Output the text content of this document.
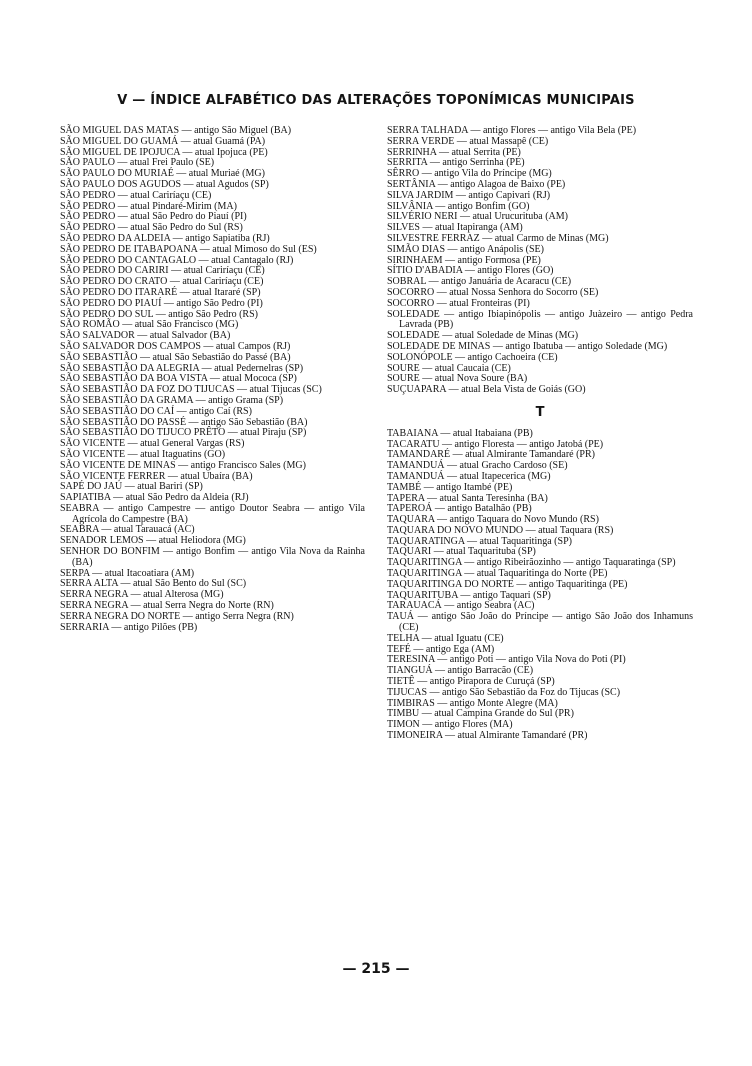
V — ÍNDICE ALFABÉTICO DAS ALTERAÇÕES TOPONÍMICAS MUNICIPAIS

SÃO MIGUEL DAS MATAS — antigo São Miguel (BA)

SÃO MIGUEL DO GUAMÁ — atual Guamá (PA)

SÃO MIGUEL DE IPOJUCA — atual Ipojuca (PE)

SÃO PAULO — atual Frei Paulo (SE)

SÃO PAULO DO MURIAÉ — atual Muriaé (MG)

SÃO PAULO DOS AGUDOS — atual Agudos (SP)

SÃO PEDRO — atual Cariríaçu (CE)

SÃO PEDRO — atual Pindaré-Mirim (MA)

SÃO PEDRO — atual São Pedro do Piauí (PI)

SÃO PEDRO — atual São Pedro do Sul (RS)

SÃO PEDRO DA ALDEIA — antigo Sapiatiba (RJ)

SÃO PEDRO DE ITABAPOANA — atual Mimoso do Sul (ES)

SÃO PEDRO DO CANTAGALO — atual Cantagalo (RJ)

SÃO PEDRO DO CARIRI — atual Cariríaçu (CE)

SÃO PEDRO DO CRATO — atual Cariríaçu (CE)

SÃO PEDRO DO ITARARÉ — atual Itararé (SP)

SÃO PEDRO DO PIAUÍ — antigo São Pedro (PI)

SÃO PEDRO DO SUL — antigo São Pedro (RS)

SÃO ROMÃO — atual São Francisco (MG)

SÃO SALVADOR — atual Salvador (BA)

SÃO SALVADOR DOS CAMPOS — atual Campos (RJ)

SÃO SEBASTIÃO — atual São Sebastião do Passé (BA)

SÃO SEBASTIÃO DA ALEGRIA — atual Pedernelras (SP)

SÃO SEBASTIÃO DA BOA VISTA — atual Mococa (SP)

SÃO SEBASTIÃO DA FOZ DO TIJUCAS — atual Tijucas (SC)

SÃO SEBASTIÃO DA GRAMA — antigo Grama (SP)

SÃO SEBASTIÃO DO CAÍ — antigo Caí (RS)

SÃO SEBASTIÃO DO PASSÉ — antigo São Sebastião (BA)

SÃO SEBASTIÃO DO TIJUCO PRÊTO — atual Piraju (SP)

SÃO VICENTE — atual General Vargas (RS)

SÃO VICENTE — atual Itaguatins (GO)

SÃO VICENTE DE MINAS — antigo Francisco Sales (MG)

SÃO VICENTE FERRER — atual Ubaíra (BA)

SAPÉ DO JAÚ — atual Bariri (SP)

SAPIATIBA — atual São Pedro da Aldeia (RJ)

SEABRA — antigo Campestre — antigo Doutor Seabra — antigo Vila Agrícola do Campestre (BA)

SEABRA — atual Tarauacá (AC)

SENADOR LEMOS — atual Heliodora (MG)

SENHOR DO BONFIM — antigo Bonfim — antigo Vila Nova da Rainha (BA)

SERPA — atual Itacoatiara (AM)

SERRA ALTA — atual São Bento do Sul (SC)

SERRA NEGRA — atual Alterosa (MG)

SERRA NEGRA — atual Serra Negra do Norte (RN)

SERRA NEGRA DO NORTE — antigo Serra Negra (RN)

SERRARIA — antigo Pilões (PB)

SERRA TALHADA — antigo Flores — antigo Vila Bela (PE)

SERRA VERDE — atual Massapê (CE)

SERRINHA — atual Serrita (PE)

SERRITA — antigo Serrinha (PE)

SÊRRO — antigo Vila do Príncipe (MG)

SERTÂNIA — antigo Alagoa de Baixo (PE)

SILVA JARDIM — antigo Capivari (RJ)

SILVÂNIA — antigo Bonfim (GO)

SILVÉRIO NERI — atual Urucurituba (AM)

SILVES — atual Itapiranga (AM)

SILVESTRE FERRAZ — atual Carmo de Minas (MG)

SIMÃO DIAS — antigo Anápolis (SE)

SIRINHAEM — antigo Formosa (PE)

SÍTIO D'ABADIA — antigo Flores (GO)

SOBRAL — antigo Januária de Acaracu (CE)

SOCORRO — atual Nossa Senhora do Socorro (SE)

SOCORRO — atual Fronteiras (PI)

SOLEDADE — antigo Ibiapinópolis — antigo Juàzeiro — antigo Pedra Lavrada (PB)

SOLEDADE — atual Soledade de Minas (MG)

SOLEDADE DE MINAS — antigo Ibatuba — antigo Soledade (MG)

SOLONÓPOLE — antigo Cachoeira (CE)

SOURE — atual Caucaia (CE)

SOURE — atual Nova Soure (BA)

SUÇUAPARA — atual Bela Vista de Goiás (GO)

T

TABAIANA — atual Itabaiana (PB)

TACARATU — antigo Floresta — antigo Jatobá (PE)

TAMANDARÉ — atual Almirante Tamandaré (PR)

TAMANDUÁ — atual Gracho Cardoso (SE)

TAMANDUÁ — atual Itapecerica (MG)

TAMBÉ — antigo Itambé (PE)

TAPERA — atual Santa Teresinha (BA)

TAPEROÁ — antigo Batalhão (PB)

TAQUARA — antigo Taquara do Novo Mundo (RS)

TAQUARA DO NOVO MUNDO — atual Taquara (RS)

TAQUARATINGA — atual Taquaritinga (SP)

TAQUARI — atual Taquarituba (SP)

TAQUARITINGA — antigo Ribeirãozinho — antigo Taquaratinga (SP)

TAQUARITINGA — atual Taquaritinga do Norte (PE)

TAQUARITINGA DO NORTE — antigo Taquaritinga (PE)

TAQUARITUBA — antigo Taquari (SP)

TARAUACÁ — antigo Seabra (AC)

TAUÁ — antigo São João do Príncipe — antigo São João dos Inhamuns (CE)

TELHA — atual Iguatu (CE)

TEFÉ — antigo Ega (AM)

TERESINA — antigo Poti — antigo Vila Nova do Poti (PI)

TIANGUÁ — antigo Barracão (CE)

TIETÊ — antigo Pirapora de Curuçá (SP)

TIJUCAS — antigo São Sebastião da Foz do Tijucas (SC)

TIMBIRAS — antigo Monte Alegre (MA)

TIMBU — atual Campina Grande do Sul (PR)

TIMON — antigo Flores (MA)

TIMONEIRA — atual Almirante Tamandaré (PR)

— 215 —
